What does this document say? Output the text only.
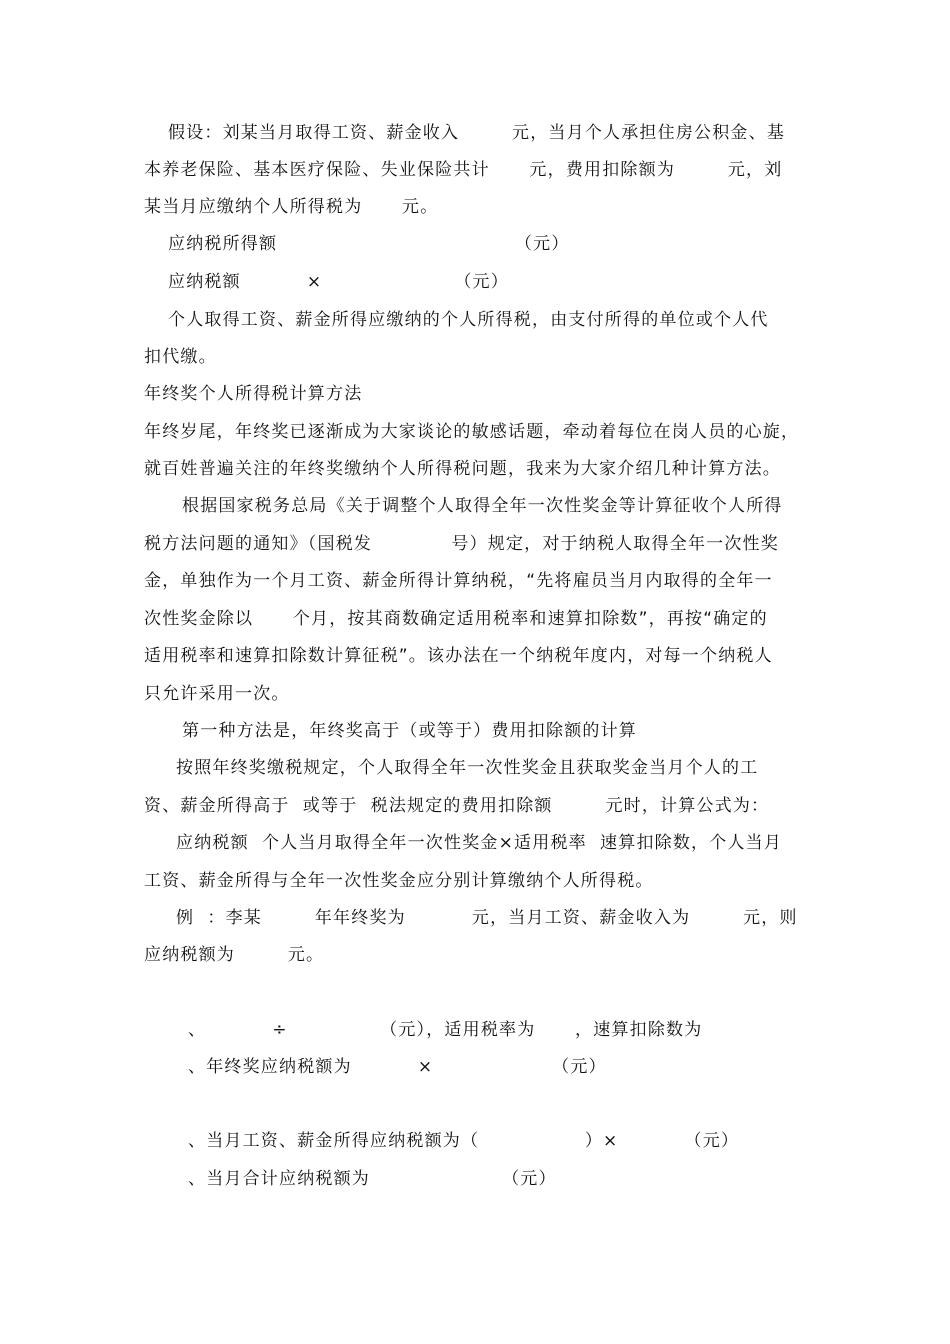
假设：刘某当月取得工资、薪金收入        元，当月个人承担住房公积金、基
本养老保险、基本医疗保险、失业保险共计      元，费用扣除额为        元，刘
某当月应缴纳个人所得税为      元。
应纳税所得额                                    （元）
应纳税额          ×                    （元）
个人取得工资、薪金所得应缴纳的个人所得税，由支付所得的单位或个人代
扣代缴。
年终奖个人所得税计算方法
年终岁尾，年终奖已逐渐成为大家谈论的敏感话题，牵动着每位在岗人员的心旋，
就百姓普遍关注的年终奖缴纳个人所得税问题，我来为大家介绍几种计算方法。
根据国家税务总局《关于调整个人取得全年一次性奖金等计算征收个人所得
税方法问题的通知》（国税发            号）规定，对于纳税人取得全年一次性奖
金，单独作为一个月工资、薪金所得计算纳税，“先将雇员当月内取得的全年一
次性奖金除以      个月，按其商数确定适用税率和速算扣除数”，再按“确定的
适用税率和速算扣除数计算征税”。该办法在一个纳税年度内，对每一个纳税人
只允许采用一次。
第一种方法是，年终奖高于（或等于）费用扣除额的计算
按照年终奖缴税规定，个人取得全年一次性奖金且获取奖金当月个人的工
资、薪金所得高于  或等于  税法规定的费用扣除额        元时，计算公式为：
应纳税额  个人当月取得全年一次性奖金×适用税率  速算扣除数，个人当月
工资、薪金所得与全年一次性奖金应分别计算缴纳个人所得税。
例  ：李某        年年终奖为          元，当月工资、薪金收入为        元，则
应纳税额为        元。
、          ÷              （元），适用税率为      ，速算扣除数为
、年终奖应纳税额为          ×                  （元）
、当月工资、薪金所得应纳税额为（                ）×          （元）
、当月合计应纳税额为                    （元）
